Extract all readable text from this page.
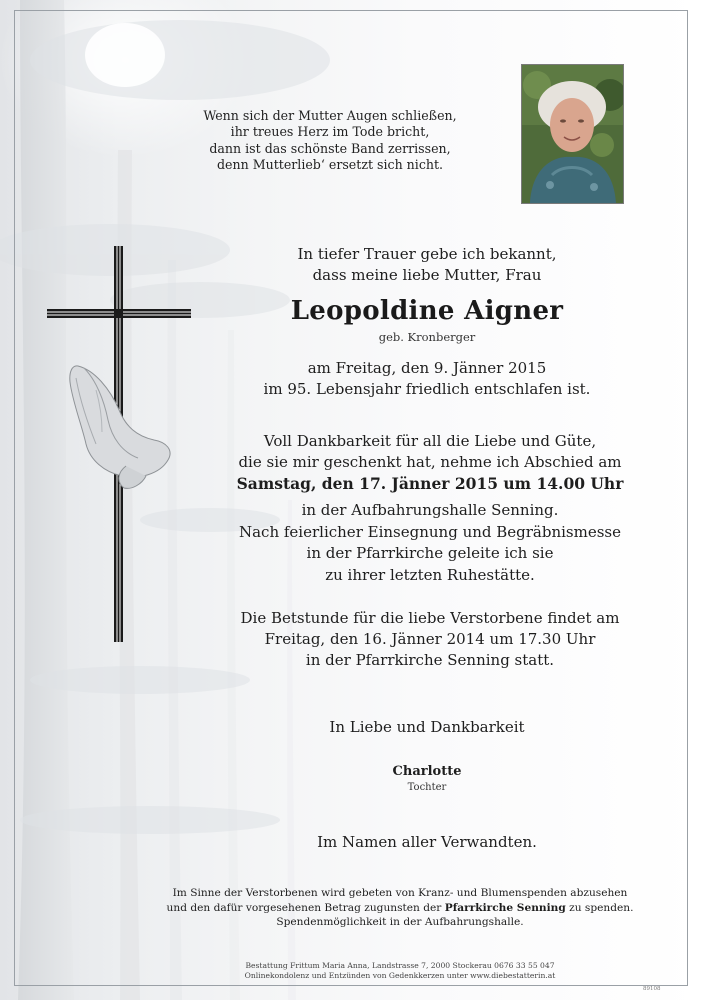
Wenn sich der Mutter Augen schließen,
ihr treues Herz im Tode bricht,
dann ist das schönste Band zerrissen,
denn Mutterlieb‘ ersetzt sich nicht.
In tiefer Trauer gebe ich bekannt,
dass meine liebe Mutter, Frau
Leopoldine Aigner
geb. Kronberger
am Freitag, den 9. Jänner 2015
im 95. Lebensjahr friedlich entschlafen ist.
Voll Dankbarkeit für all die Liebe und Güte,
die sie mir geschenkt hat, nehme ich Abschied am
Samstag, den 17. Jänner 2015 um 14.00 Uhr
in der Aufbahrungshalle Senning.
Nach feierlicher Einsegnung und Begräbnismesse
in der Pfarrkirche geleite ich sie
zu ihrer letzten Ruhestätte.
Die Betstunde für die liebe Verstorbene findet am
Freitag, den 16. Jänner 2014 um 17.30 Uhr
in der Pfarrkirche Senning statt.
In Liebe und Dankbarkeit
Charlotte
Tochter
Im Namen aller Verwandten.
Im Sinne der Verstorbenen wird gebeten von Kranz- und Blumenspenden abzusehen
und den dafür vorgesehenen Betrag zugunsten der Pfarrkirche Senning zu spenden.
Spendenmöglichkeit in der Aufbahrungshalle.
Bestattung Frittum Maria Anna, Landstrasse 7, 2000 Stockerau 0676 33 55 047
Onlinekondolenz und Entzünden von Gedenkkerzen unter www.diebestatterin.at
89108
